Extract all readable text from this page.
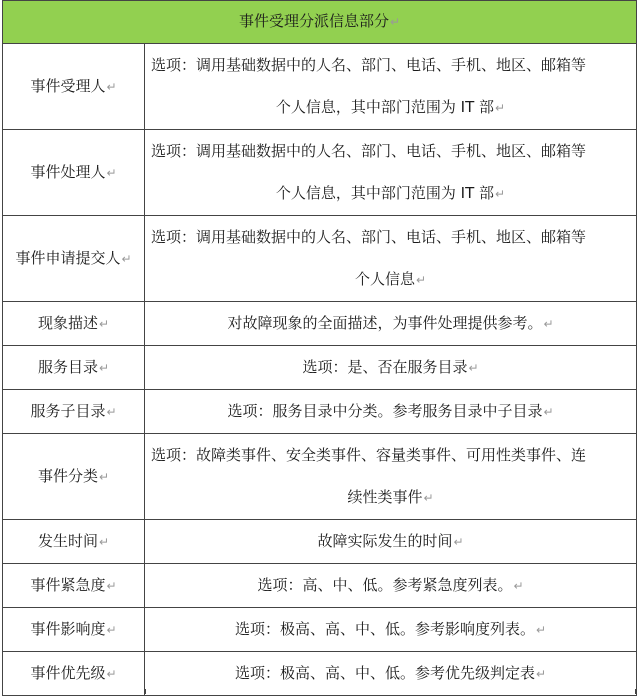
事件受理分派信息部分↵	
事件受理人↵	选项：调用基础数据中的人名、部门、电话、手机、地区、邮箱等
个人信息，其中部门范围为 IT 部↵

事件处理人↵	选项：调用基础数据中的人名、部门、电话、手机、地区、邮箱等
个人信息，其中部门范围为 IT 部↵

事件申请提交人↵	选项：调用基础数据中的人名、部门、电话、手机、地区、邮箱等
个人信息↵

现象描述↵	对故障现象的全面描述，为事件处理提供参考。↵
服务目录↵	选项：是、否在服务目录↵
服务子目录↵	选项：服务目录中分类。参考服务目录中子目录↵
事件分类↵	选项：故障类事件、安全类事件、容量类事件、可用性类事件、连
续性类事件↵

发生时间↵	故障实际发生的时间↵
事件紧急度↵	选项：高、中、低。参考紧急度列表。↵
事件影响度↵	选项：极高、高、中、低。参考影响度列表。↵
事件优先级↵	选项：极高、高、中、低。参考优先级判定表↵
